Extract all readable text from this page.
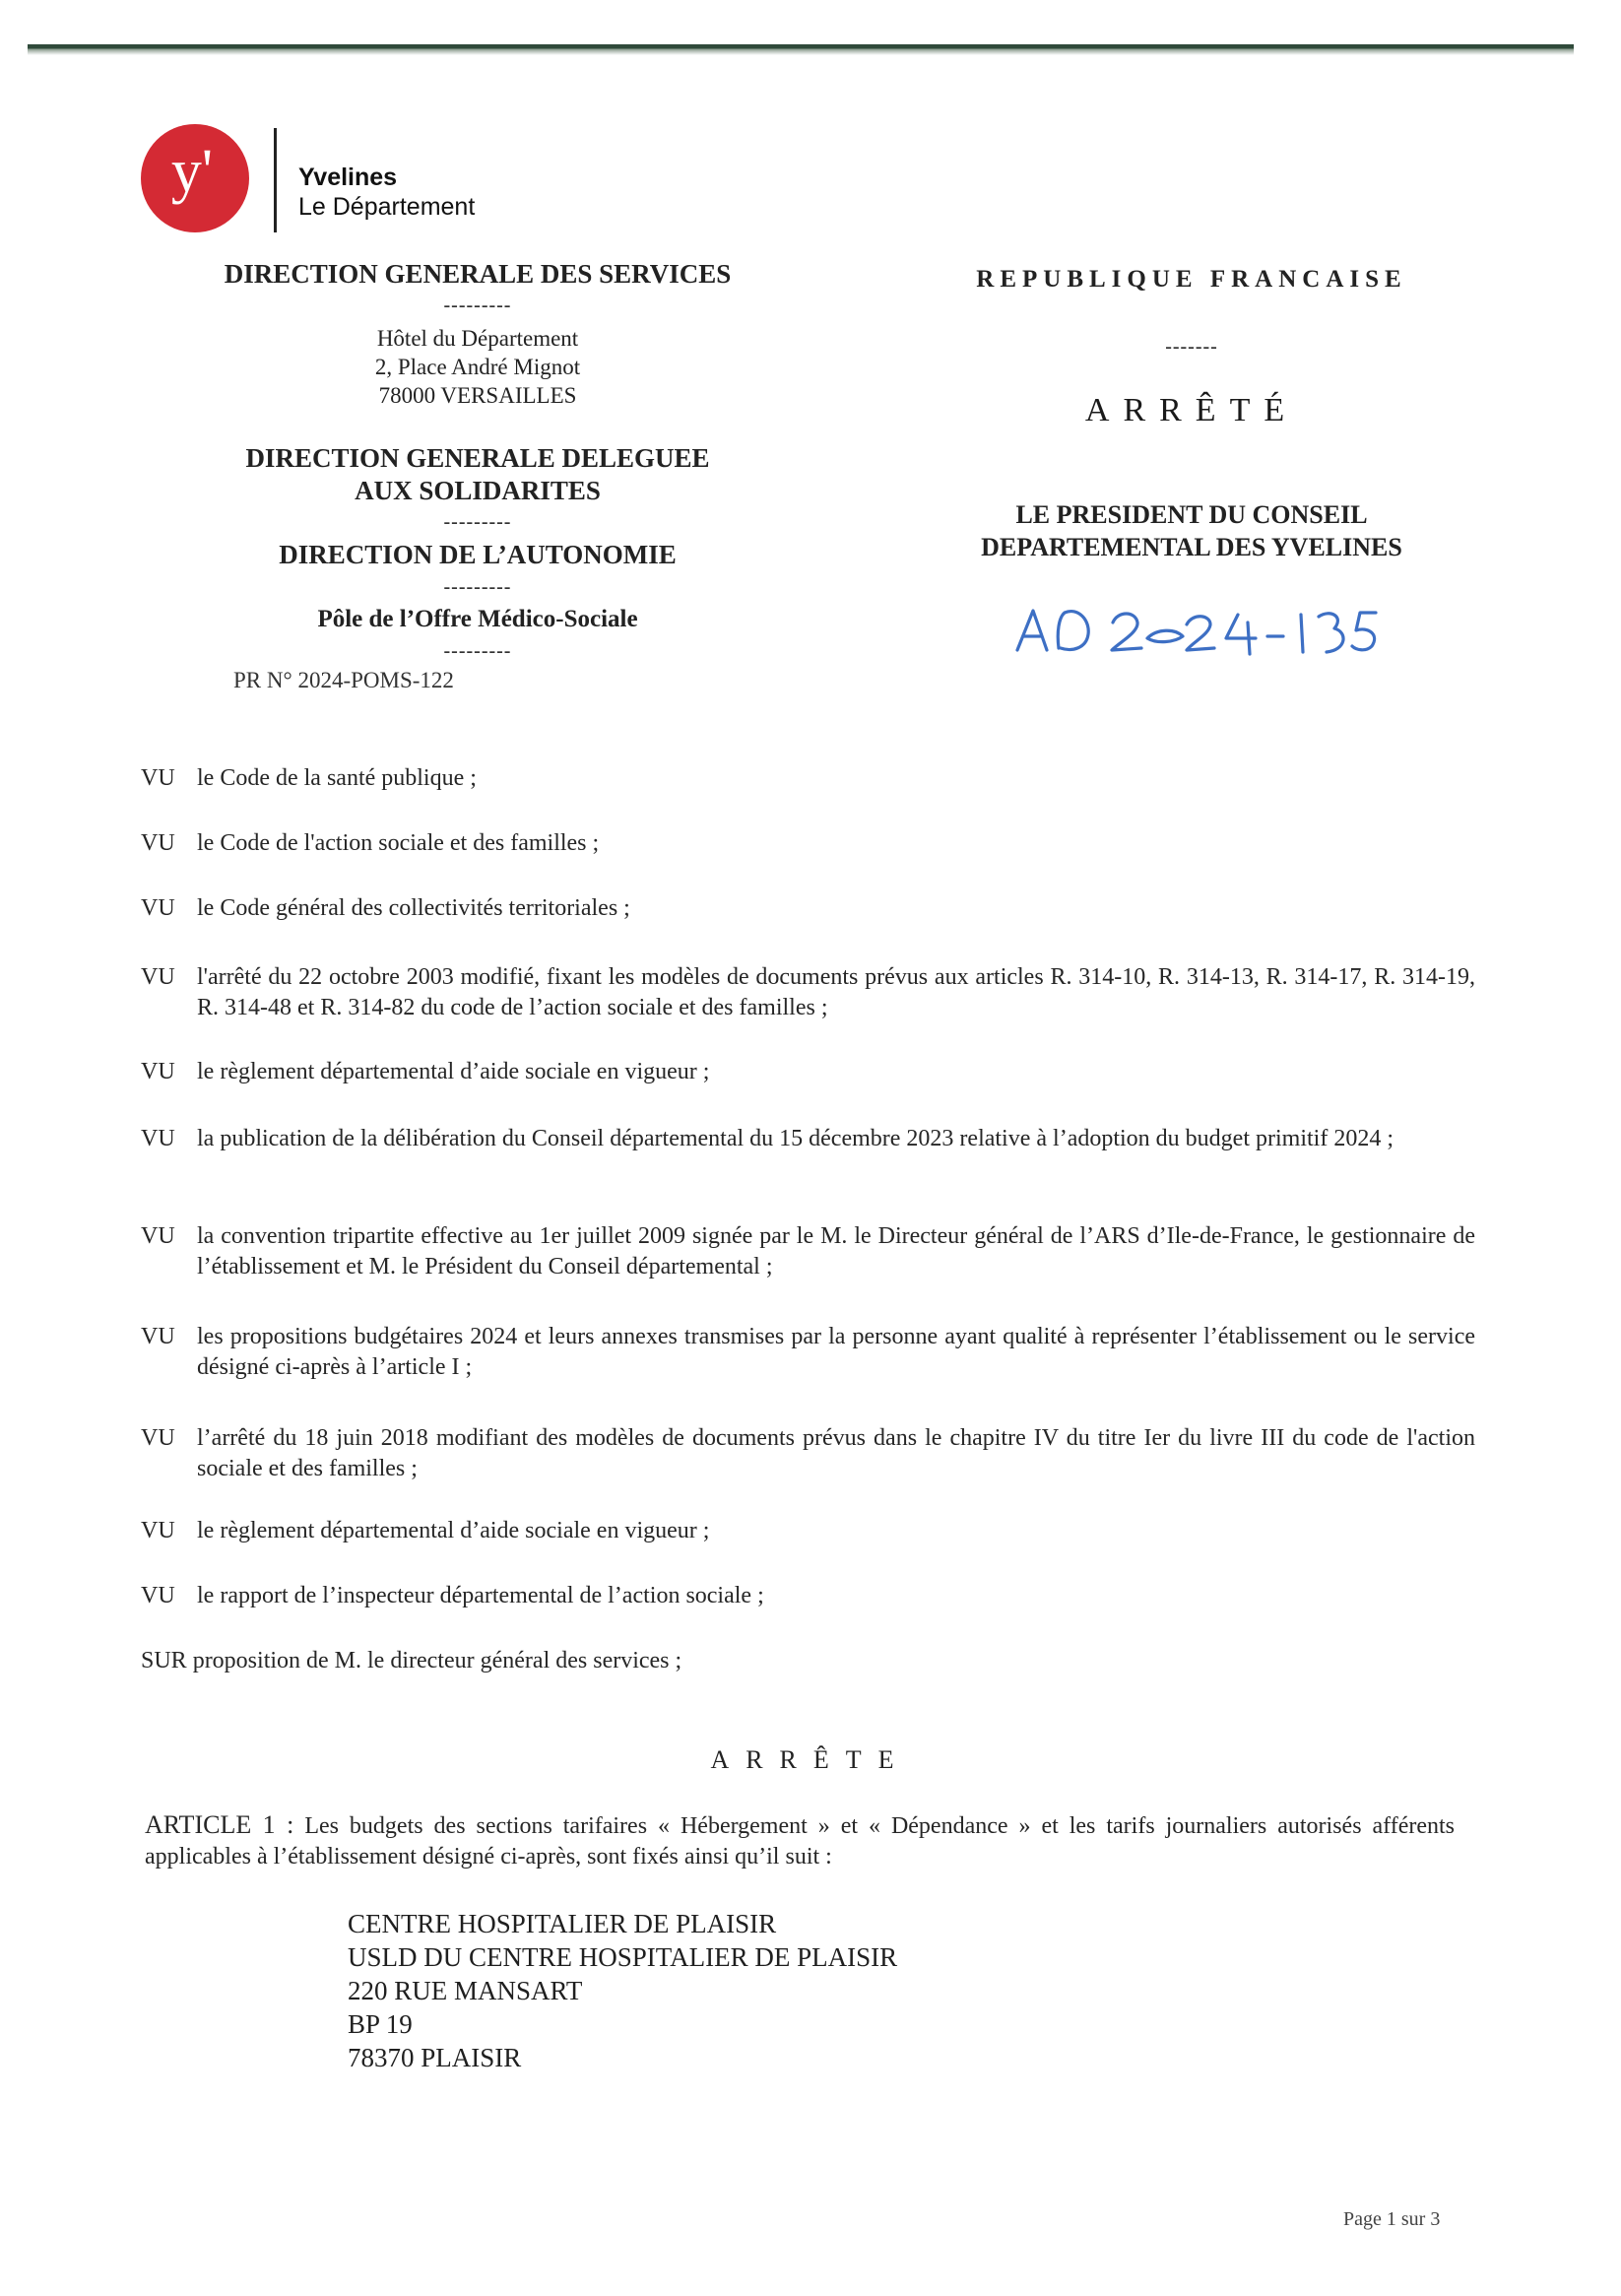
y'	Yvelines
Le Département
DIRECTION GENERALE DES SERVICES
---------
Hôtel du Département
2, Place André Mignot
78000 VERSAILLES
DIRECTION GENERALE DELEGUEE
AUX SOLIDARITES
---------
DIRECTION DE L’AUTONOMIE
---------
Pôle de l’Offre Médico-Sociale
---------
PR N° 2024-POMS-122
REPUBLIQUE FRANCAISE
-------
ARRÊTÉ
LE PRESIDENT DU CONSEIL
DEPARTEMENTAL DES YVELINES
AD 2024-135
VU le Code de la santé publique ;
VU le Code de l'action sociale et des familles ;
VU le Code général des collectivités territoriales ;
VU l'arrêté du 22 octobre 2003 modifié, fixant les modèles de documents prévus aux articles R. 314-10, R. 314-13, R. 314-17, R. 314-19, R. 314-48 et R. 314-82 du code de l’action sociale et des familles ;
VU le règlement départemental d’aide sociale en vigueur ;
VU la publication de la délibération du Conseil départemental du 15 décembre 2023 relative à l’adoption du budget primitif 2024 ;
VU la convention tripartite effective au 1er juillet 2009 signée par le M. le Directeur général de l’ARS d’Ile-de-France, le gestionnaire de l’établissement et M. le Président du Conseil départemental ;
VU les propositions budgétaires 2024 et leurs annexes transmises par la personne ayant qualité à représenter l’établissement ou le service désigné ci-après à l’article I ;
VU l’arrêté du 18 juin 2018 modifiant des modèles de documents prévus dans le chapitre IV du titre Ier du livre III du code de l'action sociale et des familles ;
VU le règlement départemental d’aide sociale en vigueur ;
VU le rapport de l’inspecteur départemental de l’action sociale ;
SUR proposition de M. le directeur général des services ;
ARRÊTE
ARTICLE 1 : Les budgets des sections tarifaires « Hébergement » et « Dépendance » et les tarifs journaliers autorisés afférents applicables à l’établissement désigné ci-après, sont fixés ainsi qu’il suit :
CENTRE HOSPITALIER DE PLAISIR
USLD DU CENTRE HOSPITALIER DE PLAISIR
220 RUE MANSART
BP 19
78370 PLAISIR
Page 1 sur 3
